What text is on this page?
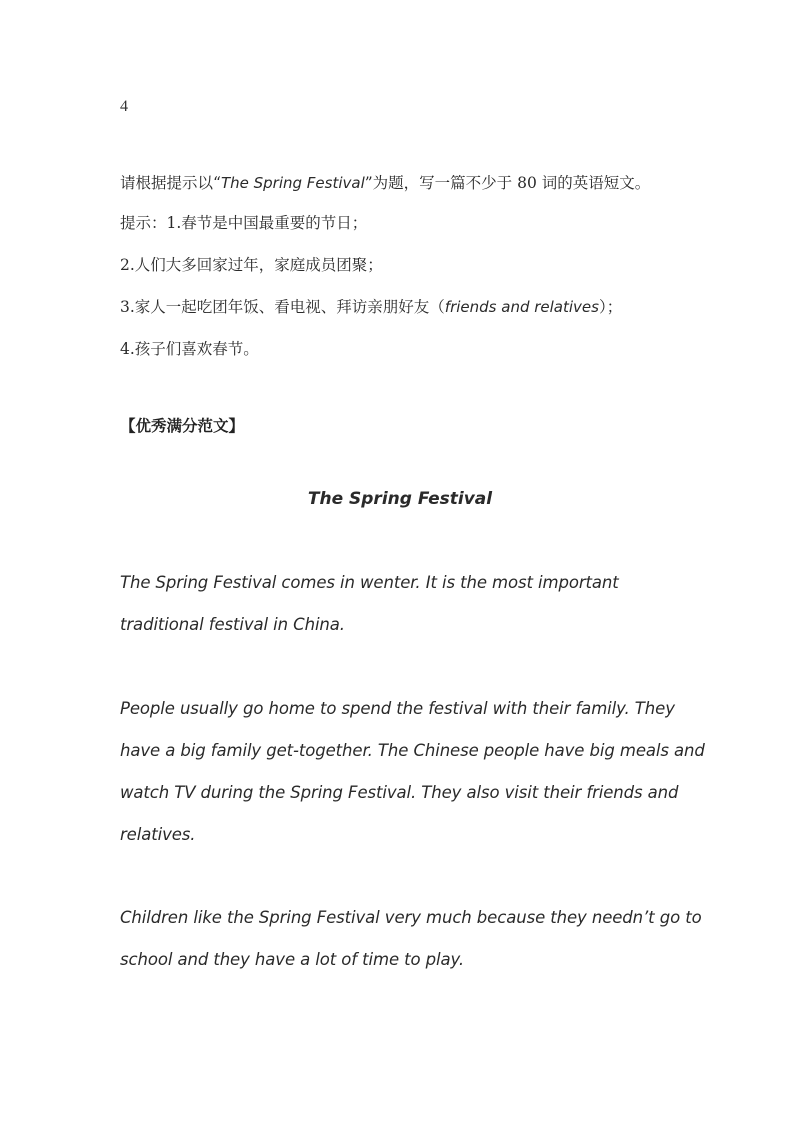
4
请根据提示以“The Spring Festival”为题，写一篇不少于 80 词的英语短文。
提示：1.春节是中国最重要的节日；
2.人们大多回家过年，家庭成员团聚；
3.家人一起吃团年饭、看电视、拜访亲朋好友（friends and relatives）；
4.孩子们喜欢春节。
【优秀满分范文】
The Spring Festival
The Spring Festival comes in wenter. It is the most important
traditional festival in China.
People usually go home to spend the festival with their family. They
have a big family get-together. The Chinese people have big meals and
watch TV during the Spring Festival. They also visit their friends and
relatives.
Children like the Spring Festival very much because they needn’t go to
school and they have a lot of time to play.
